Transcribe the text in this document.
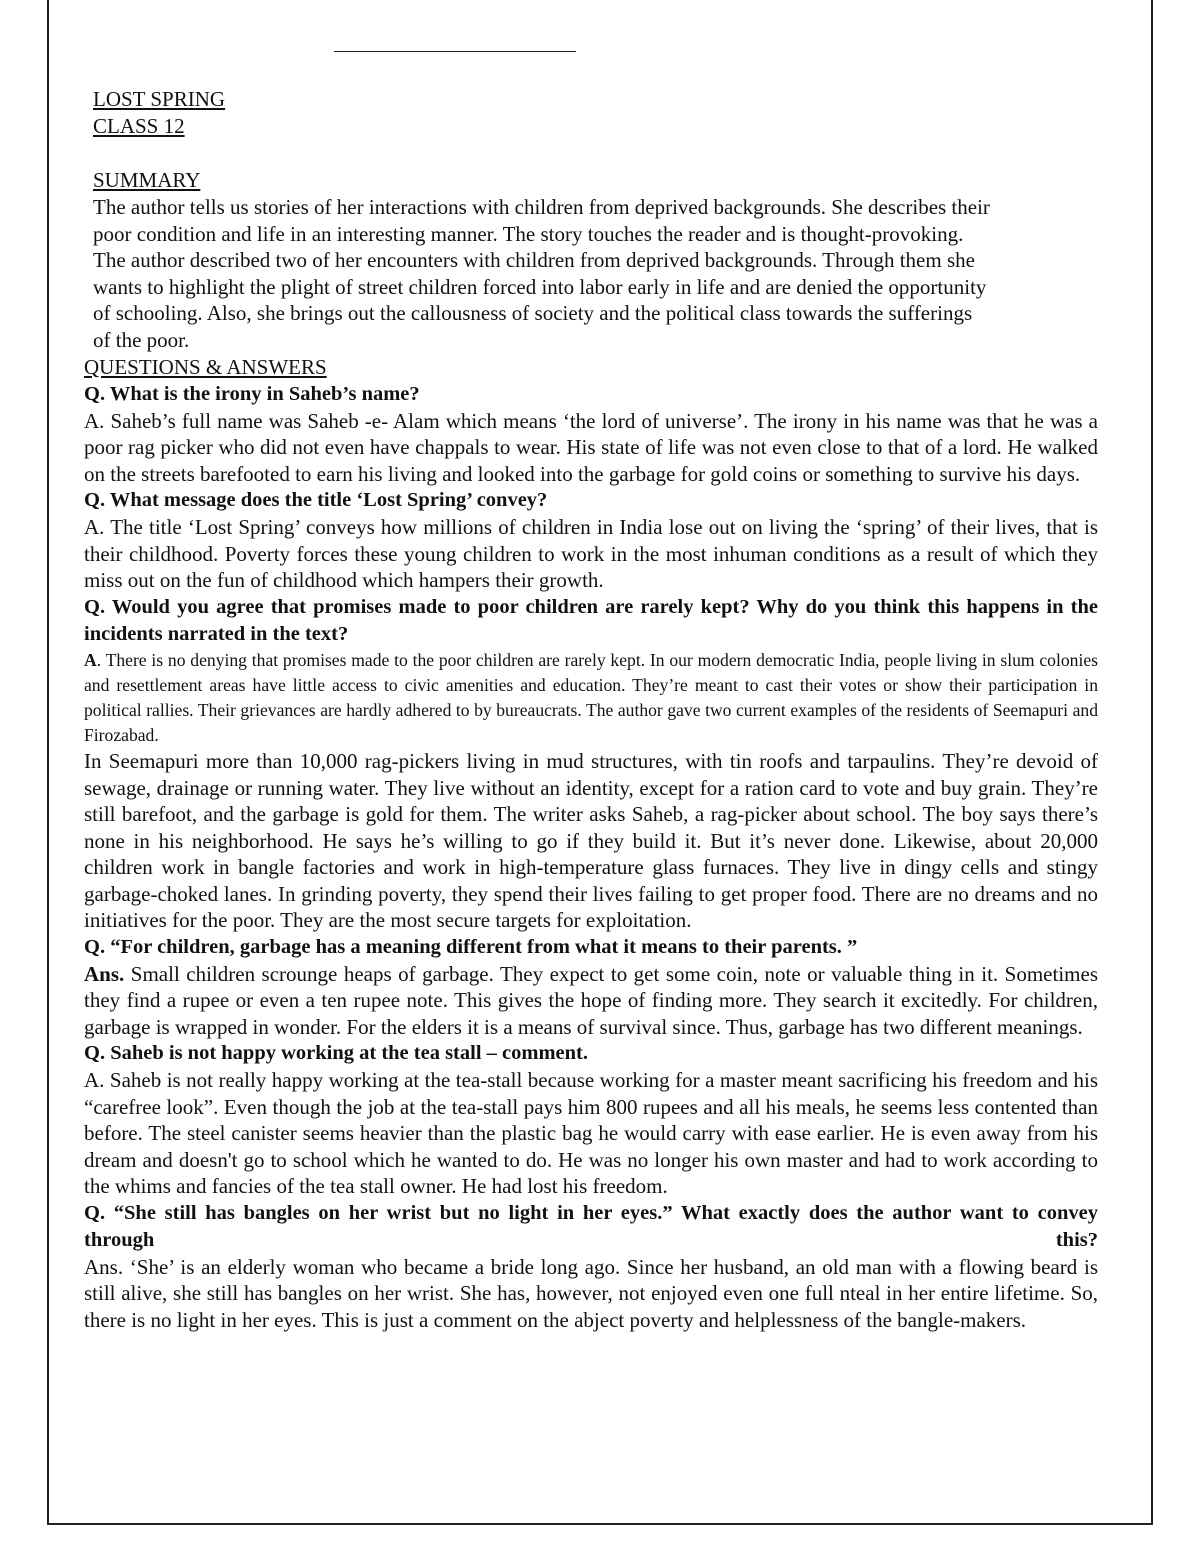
LOST SPRING
CLASS 12
SUMMARY
The author tells us stories of her interactions with children from deprived backgrounds. She describes their
poor condition and life in an interesting manner. The story touches the reader and is thought-provoking.
The author described two of her encounters with children from deprived backgrounds. Through them she
wants to highlight the plight of street children forced into labor early in life and are denied the opportunity
of schooling. Also, she brings out the callousness of society and the political class towards the sufferings
of the poor.
QUESTIONS & ANSWERS
Q. What is the irony in Saheb’s name?
A. Saheb’s full name was Saheb -e- Alam which means ‘the lord of universe’. The irony in his name was that he was a poor rag picker who did not even have chappals to wear. His state of life was not even close to that of a lord. He walked on the streets barefooted to earn his living and looked into the garbage for gold coins or something to survive his days.
Q. What message does the title ‘Lost Spring’ convey?
A. The title ‘Lost Spring’ conveys how millions of children in India lose out on living the ‘spring’ of their lives, that is their childhood. Poverty forces these young children to work in the most inhuman conditions as a result of which they miss out on the fun of childhood which hampers their growth.
Q. Would you agree that promises made to poor children are rarely kept? Why do you think this happens in the incidents narrated in the text?
A. There is no denying that promises made to the poor children are rarely kept. In our modern democratic India, people living in slum colonies and resettlement areas have little access to civic amenities and education. They’re meant to cast their votes or show their participation in political rallies. Their grievances are hardly adhered to by bureaucrats. The author gave two current examples of the residents of Seemapuri and Firozabad.
In Seemapuri more than 10,000 rag-pickers living in mud structures, with tin roofs and tarpaulins. They’re devoid of sewage, drainage or running water. They live without an identity, except for a ration card to vote and buy grain. They’re still barefoot, and the garbage is gold for them. The writer asks Saheb, a rag-picker about school. The boy says there’s none in his neighborhood. He says he’s willing to go if they build it. But it’s never done. Likewise, about 20,000 children work in bangle factories and work in high-temperature glass furnaces. They live in dingy cells and stingy garbage-choked lanes. In grinding poverty, they spend their lives failing to get proper food. There are no dreams and no initiatives for the poor. They are the most secure targets for exploitation.
Q. “For children, garbage has a meaning different from what it means to their parents. ”
Ans. Small children scrounge heaps of garbage. They expect to get some coin, note or valuable thing in it. Sometimes they find a rupee or even a ten rupee note. This gives the hope of finding more. They search it excitedly. For children, garbage is wrapped in wonder. For the elders it is a means of survival since. Thus, garbage has two different meanings.
Q. Saheb is not happy working at the tea stall – comment.
A. Saheb is not really happy working at the tea-stall because working for a master meant sacrificing his freedom and his “carefree look”. Even though the job at the tea-stall pays him 800 rupees and all his meals, he seems less contented than before. The steel canister seems heavier than the plastic bag he would carry with ease earlier. He is even away from his dream and doesn't go to school which he wanted to do. He was no longer his own master and had to work according to the whims and fancies of the tea stall owner. He had lost his freedom.
Q. “She still has bangles on her wrist but no light in her eyes.” What exactly does the author want to convey through this?
Ans. ‘She’ is an elderly woman who became a bride long ago. Since her husband, an old man with a flowing beard is still alive, she still has bangles on her wrist. She has, however, not enjoyed even one full nteal in her entire lifetime. So, there is no light in her eyes. This is just a comment on the abject poverty and helplessness of the bangle-makers.
